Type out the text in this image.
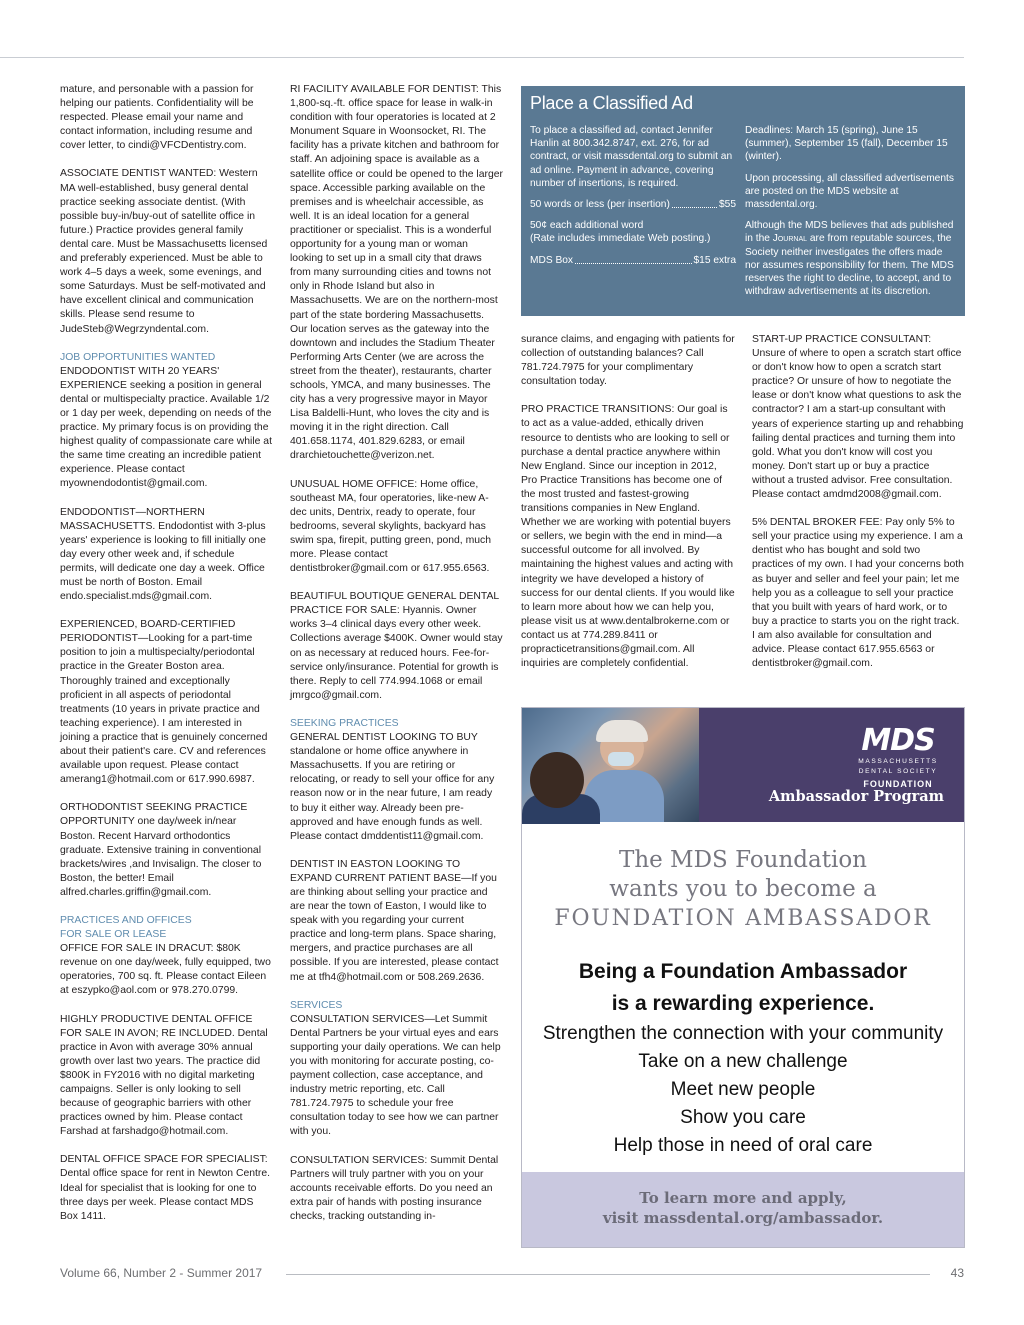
mature, and personable with a passion for helping our patients. Confidentiality will be respected. Please email your name and contact information, including resume and cover letter, to cindi@VFCDentistry.com.

ASSOCIATE DENTIST WANTED: Western MA well-established, busy general dental practice seeking associate dentist. (With possible buy-in/buy-out of satellite office in future.) Practice provides general family dental care. Must be Massachusetts licensed and preferably experienced. Must be able to work 4–5 days a week, some evenings, and some Saturdays. Must be self-motivated and have excellent clinical and communication skills. Please send resume to JudeSteb@Wegrzyndental.com.

JOB OPPORTUNITIES WANTED

ENDODONTIST WITH 20 YEARS' EXPERIENCE seeking a position in general dental or multispecialty practice. Available 1/2 or 1 day per week, depending on needs of the practice. My primary focus is on providing the highest quality of compassionate care while at the same time creating an incredible patient experience. Please contact myownendodontist@gmail.com.

ENDODONTIST—NORTHERN MASSACHUSETTS. Endodontist with 3-plus years' experience is looking to fill initially one day every other week and, if schedule permits, will dedicate one day a week. Office must be north of Boston. Email endo.specialist.mds@gmail.com.

EXPERIENCED, BOARD-CERTIFIED PERIODONTIST—Looking for a part-time position to join a multispecialty/periodontal practice in the Greater Boston area. Thoroughly trained and exceptionally proficient in all aspects of periodontal treatments (10 years in private practice and teaching experience). I am interested in joining a practice that is genuinely concerned about their patient's care. CV and references available upon request. Please contact amerang1@hotmail.com or 617.990.6987.

ORTHODONTIST SEEKING PRACTICE OPPORTUNITY one day/week in/near Boston. Recent Harvard orthodontics graduate. Extensive training in conventional brackets/wires ,and Invisalign. The closer to Boston, the better! Email alfred.charles.griffin@gmail.com.

PRACTICES AND OFFICES

FOR SALE OR LEASE

OFFICE FOR SALE IN DRACUT: $80K revenue on one day/week, fully equipped, two operatories, 700 sq. ft. Please contact Eileen at eszypko@aol.com or 978.270.0799.

HIGHLY PRODUCTIVE DENTAL OFFICE FOR SALE IN AVON; RE INCLUDED. Dental practice in Avon with average 30% annual growth over last two years. The practice did $800K in FY2016 with no digital marketing campaigns. Seller is only looking to sell because of geographic barriers with other practices owned by him. Please contact Farshad at farshadgo@hotmail.com.

DENTAL OFFICE SPACE FOR SPECIALIST: Dental office space for rent in Newton Centre. Ideal for specialist that is looking for one to three days per week. Please contact MDS Box 1411.

RI FACILITY AVAILABLE FOR DENTIST: This 1,800-sq.-ft. office space for lease in walk-in condition with four operatories is located at 2 Monument Square in Woonsocket, RI. The facility has a private kitchen and bathroom for staff. An adjoining space is available as a satellite office or could be opened to the larger space. Accessible parking available on the premises and is wheelchair accessible, as well. It is an ideal location for a general practitioner or specialist. This is a wonderful opportunity for a young man or woman looking to set up in a small city that draws from many surrounding cities and towns not only in Rhode Island but also in Massachusetts. We are on the northern-most part of the state bordering Massachusetts. Our location serves as the gateway into the downtown and includes the Stadium Theater Performing Arts Center (we are across the street from the theater), restaurants, charter schools, YMCA, and many businesses. The city has a very progressive mayor in Mayor Lisa Baldelli-Hunt, who loves the city and is moving it in the right direction. Call 401.658.1174, 401.829.6283, or email drarchietouchette@verizon.net.

UNUSUAL HOME OFFICE: Home office, southeast MA, four operatories, like-new A-dec units, Dentrix, ready to operate, four bedrooms, several skylights, backyard has swim spa, firepit, putting green, pond, much more. Please contact dentistbroker@gmail.com or 617.955.6563.

BEAUTIFUL BOUTIQUE GENERAL DENTAL PRACTICE FOR SALE: Hyannis. Owner works 3–4 clinical days every other week. Collections average $400K. Owner would stay on as necessary at reduced hours. Fee-for-service only/insurance. Potential for growth is there. Reply to cell 774.994.1068 or email jmrgco@gmail.com.

SEEKING PRACTICES

GENERAL DENTIST LOOKING TO BUY standalone or home office anywhere in Massachusetts. If you are retiring or relocating, or ready to sell your office for any reason now or in the near future, I am ready to buy it either way. Already been pre-approved and have enough funds as well. Please contact dmddentist11@gmail.com.

DENTIST IN EASTON LOOKING TO EXPAND CURRENT PATIENT BASE—If you are thinking about selling your practice and are near the town of Easton, I would like to speak with you regarding your current practice and long-term plans. Space sharing, mergers, and practice purchases are all possible. If you are interested, please contact me at tfh4@hotmail.com or 508.269.2636.

SERVICES

CONSULTATION SERVICES—Let Summit Dental Partners be your virtual eyes and ears supporting your daily operations. We can help you with monitoring for accurate posting, co-payment collection, case acceptance, and industry metric reporting, etc. Call 781.724.7975 to schedule your free consultation today to see how we can partner with you.

CONSULTATION SERVICES: Summit Dental Partners will truly partner with you on your accounts receivable efforts. Do you need an extra pair of hands with posting insurance checks, tracking outstanding in-

Place a Classified Ad

To place a classified ad, contact Jennifer Hanlin at 800.342.8747, ext. 276, for ad contract, or visit massdental.org to submit an ad online. Payment in advance, covering number of insertions, is required.

50 words or less (per insertion)	$55

50¢ each additional word

(Rate includes immediate Web posting.)

MDS Box	$15 extra

Deadlines: March 15 (spring), June 15 (summer), September 15 (fall), December 15 (winter).

Upon processing, all classified advertisements are posted on the MDS website at massdental.org.

Although the MDS believes that ads published in the Journal are from reputable sources, the Society neither investigates the offers made nor assumes responsibility for them. The MDS reserves the right to decline, to accept, and to withdraw advertisements at its discretion.

surance claims, and engaging with patients for collection of outstanding balances? Call 781.724.7975 for your complimentary consultation today.

PRO PRACTICE TRANSITIONS: Our goal is to act as a value-added, ethically driven resource to dentists who are looking to sell or purchase a dental practice anywhere within New England. Since our inception in 2012, Pro Practice Transitions has become one of the most trusted and fastest-growing transitions companies in New England. Whether we are working with potential buyers or sellers, we begin with the end in mind—a successful outcome for all involved. By maintaining the highest values and acting with integrity we have developed a history of success for our dental clients. If you would like to learn more about how we can help you, please visit us at www.dentalbrokerne.com or contact us at 774.289.8411 or propracticetransitions@gmail.com. All inquiries are completely confidential.

START-UP PRACTICE CONSULTANT: Unsure of where to open a scratch start office or don't know how to open a scratch start practice? Or unsure of how to negotiate the lease or don't know what questions to ask the contractor? I am a start-up consultant with years of experience starting up and rehabbing failing dental practices and turning them into gold. What you don't know will cost you money. Don't start up or buy a practice without a trusted advisor. Free consultation. Please contact amdmd2008@gmail.com.

5% DENTAL BROKER FEE: Pay only 5% to sell your practice using my experience. I am a dentist who has bought and sold two practices of my own. I had your concerns both as buyer and seller and feel your pain; let me help you as a colleague to sell your practice that you built with years of hard work, or to buy a practice to starts you on the right track. I am also available for consultation and advice. Please contact 617.955.6563 or dentistbroker@gmail.com.

MDS
MASSACHUSETTS
DENTAL SOCIETY
FOUNDATION
Ambassador Program
The MDS Foundation
wants you to become a
FOUNDATION AMBASSADOR
Being a Foundation Ambassador
is a rewarding experience.
Strengthen the connection with your community
Take on a new challenge
Meet new people
Show you care
Help those in need of oral care
To learn more and apply,
visit massdental.org/ambassador.
Volume 66, Number 2 - Summer 2017	43
